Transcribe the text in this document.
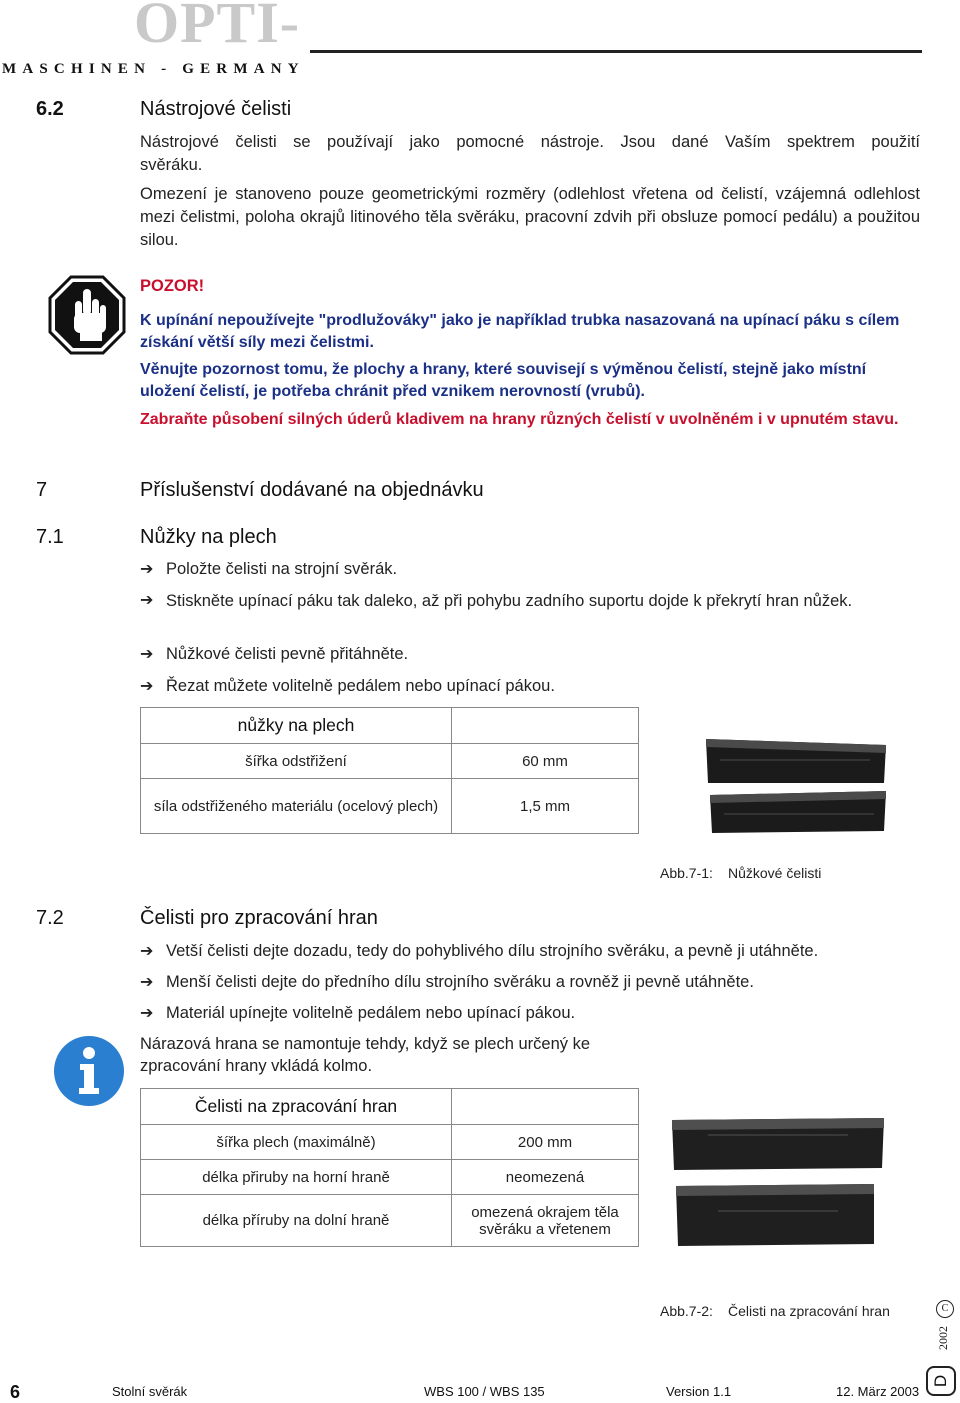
OPTI-
MASCHINEN - GERMANY
6.2	Nástrojové čelisti
Nástrojové čelisti se používají jako pomocné nástroje. Jsou dané Vaším spektrem použití
svěráku.
Omezení je stanoveno pouze geometrickými rozměry (odlehlost vřetena od čelistí, vzájemná odlehlost mezi čelistmi, poloha okrajů litinového těla svěráku, pracovní zdvih při obsluze pomocí pedálu) a použitou silou.
POZOR!
K upínání nepoužívejte "prodlužováky" jako je například trubka nasazovaná na upínací páku s cílem získání větší síly mezi čelistmi.
Věnujte pozornost tomu, že plochy a hrany, které souvisejí s výměnou čelistí, stejně jako místní uložení čelistí, je potřeba chránit před vznikem nerovností (vrubů).
Zabraňte působení silných úderů kladivem na hrany různých čelistí v uvolněném i v upnutém stavu.
7	Příslušenství dodávané na objednávku
7.1	Nůžky na plech
➔ Položte čelisti na strojní svěrák.
➔ Stiskněte upínací páku tak daleko, až při pohybu zadního suportu dojde k překrytí hran nůžek.
➔ Nůžkové čelisti pevně přitáhněte.
➔ Řezat můžete volitelně pedálem nebo upínací pákou.
nůžky na plech	
šířka odstřižení	60 mm
síla odstřiženého materiálu (ocelový plech)	1,5 mm
Abb.7-1: Nůžkové čelisti
7.2	Čelisti pro zpracování hran
➔ Vetší čelisti dejte dozadu, tedy do pohyblivého dílu strojního svěráku, a pevně ji utáhněte.
➔ Menší čelisti dejte do předního dílu strojního svěráku a rovněž ji pevně utáhněte.
➔ Materiál upínejte volitelně pedálem nebo upínací pákou.
Nárazová hrana se namontuje tehdy, když se plech určený ke zpracování hrany vkládá kolmo.
Čelisti na zpracování hran	
šířka plech (maximálně)	200 mm
délka přiruby na horní hraně	neomezená
délka příruby na dolní hraně	omezená okrajem těla svěráku a vřetenem
Abb.7-2: Čelisti na zpracování hran	C
2002
6	Stolní svěrák	WBS 100 / WBS 135	Version 1.1	12. März 2003
D
